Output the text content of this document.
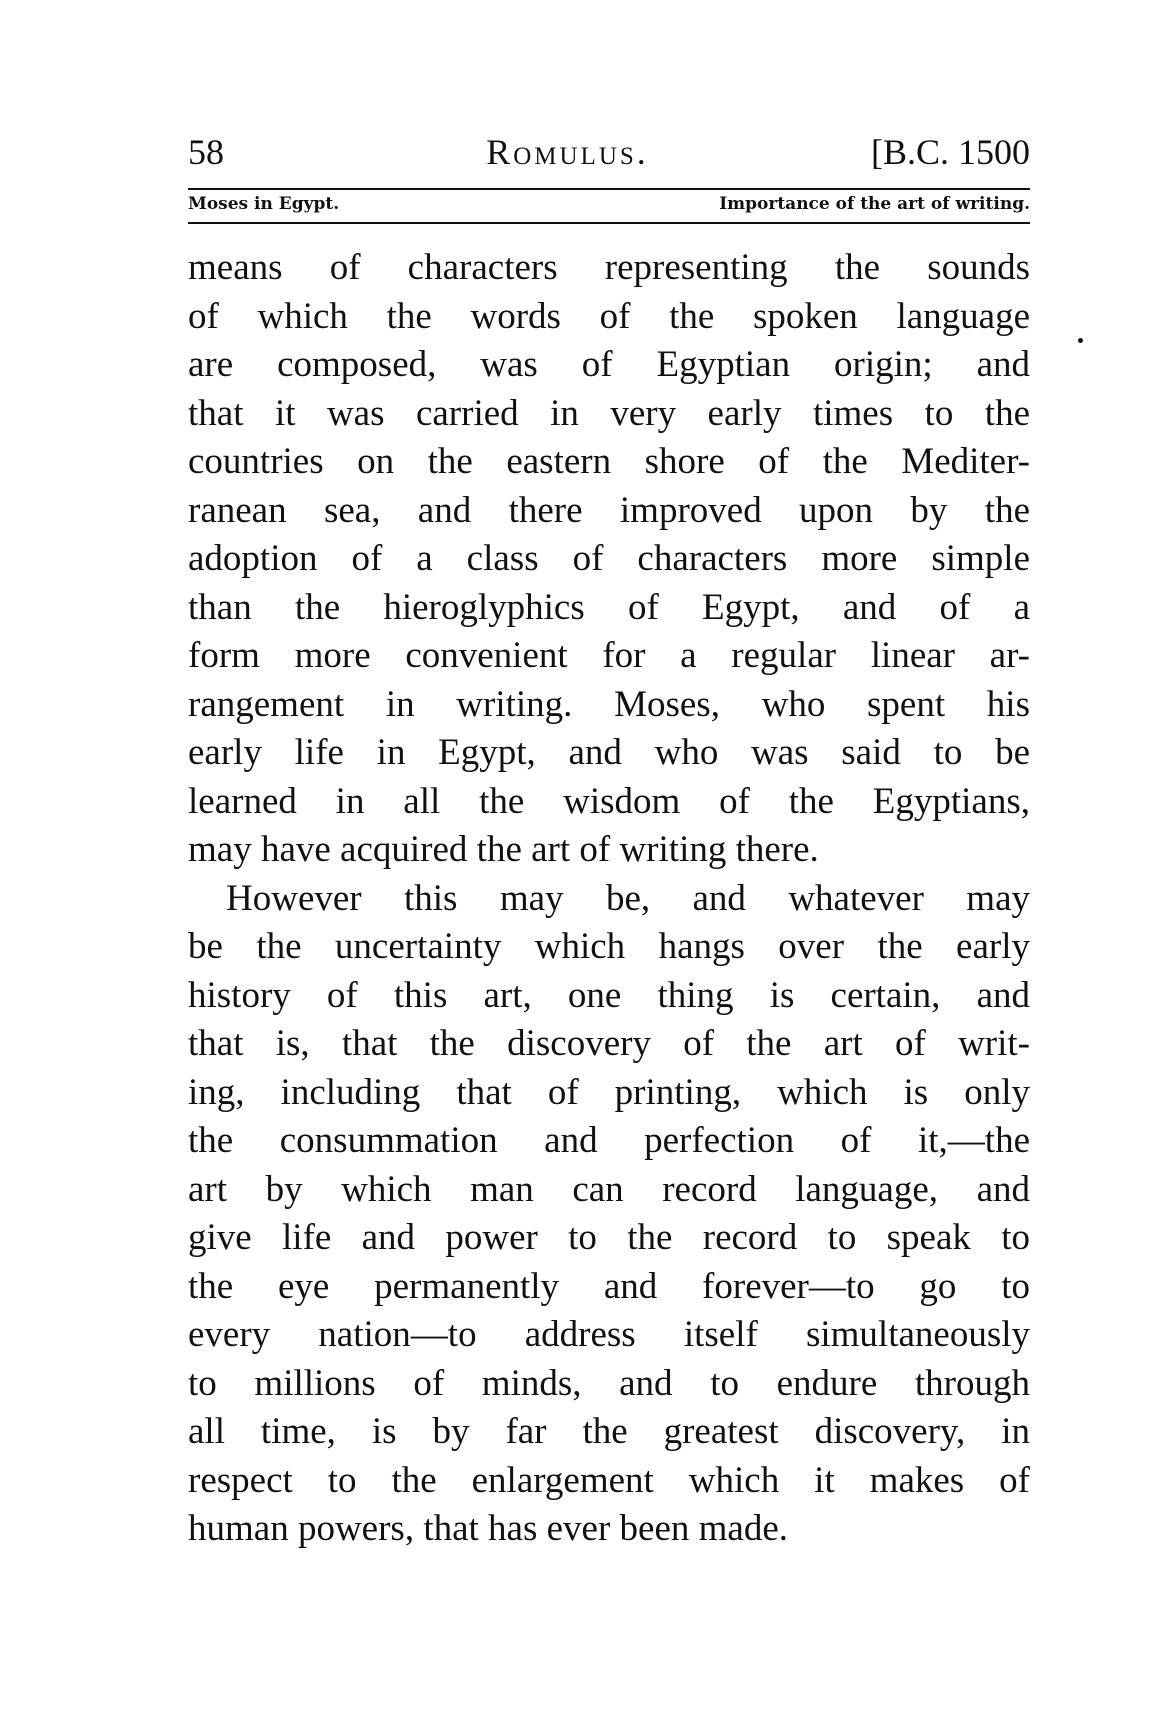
58	Romulus.	[B.C. 1500
Moses in Egypt.	Importance of the art of writing.

means of characters representing the sounds
of which the words of the spoken language
are composed, was of Egyptian origin; and
that it was carried in very early times to the
countries on the eastern shore of the Mediter-
ranean sea, and there improved upon by the
adoption of a class of characters more simple
than the hieroglyphics of Egypt, and of a
form more convenient for a regular linear ar-
rangement in writing. Moses, who spent his
early life in Egypt, and who was said to be
learned in all the wisdom of the Egyptians,
may have acquired the art of writing there.

However this may be, and whatever may
be the uncertainty which hangs over the early
history of this art, one thing is certain, and
that is, that the discovery of the art of writ-
ing, including that of printing, which is only
the consummation and perfection of it,—the
art by which man can record language, and
give life and power to the record to speak to
the eye permanently and forever—to go to
every nation—to address itself simultaneously
to millions of minds, and to endure through
all time, is by far the greatest discovery, in
respect to the enlargement which it makes of
human powers, that has ever been made.
